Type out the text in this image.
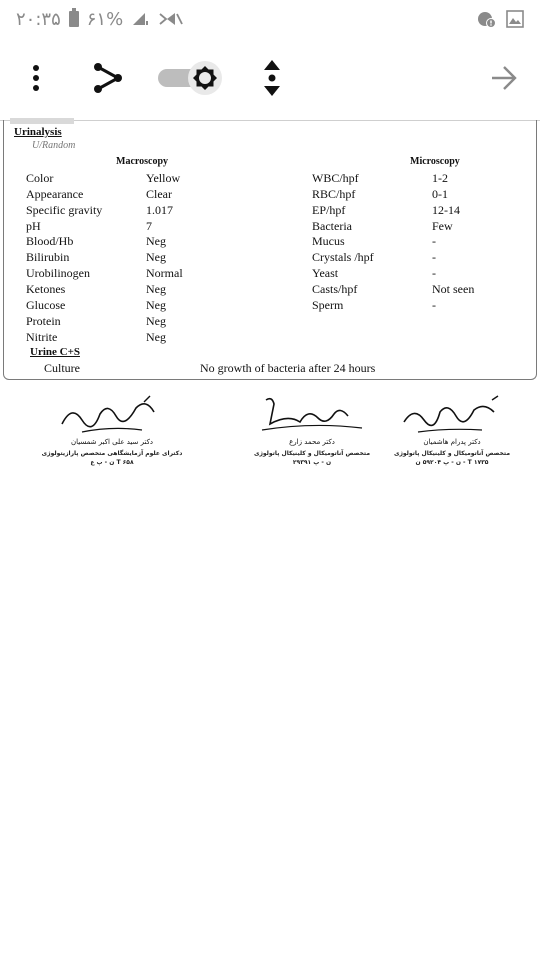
۲۰:۳۵ ۶۱%
Urinalysis
U/Random
Macroscopy	Microscopy
Color	Yellow
Appearance	Clear
Specific gravity	1.017
pH	7
Blood/Hb	Neg
Bilirubin	Neg
Urobilinogen	Normal
Ketones	Neg
Glucose	Neg
Protein	Neg
Nitrite	Neg
WBC/hpf	1-2
RBC/hpf	0-1
EP/hpf	12-14
Bacteria	Few
Mucus	-
Crystals /hpf	-
Yeast	-
Casts/hpf	Not seen
Sperm	-
Urine C+S
Culture	No growth of bacteria after 24 hours
دکتر سید علی اکبر شمسیان
دکترای علوم آزمایشگاهی متخصص پارازیتولوژی
ن - پ ع T ۶۵۸
دکتر محمد زارع
متخصص آناتومیکال و کلینیکال پاتولوژی
ن - پ ۲۹۳۹۱
دکتر پدرام هاشمیان
متخصص آناتومیکال و کلینیکال پاتولوژی
ن - پ ۵۹۲۰۴ ن - T ۱۷۳۵
